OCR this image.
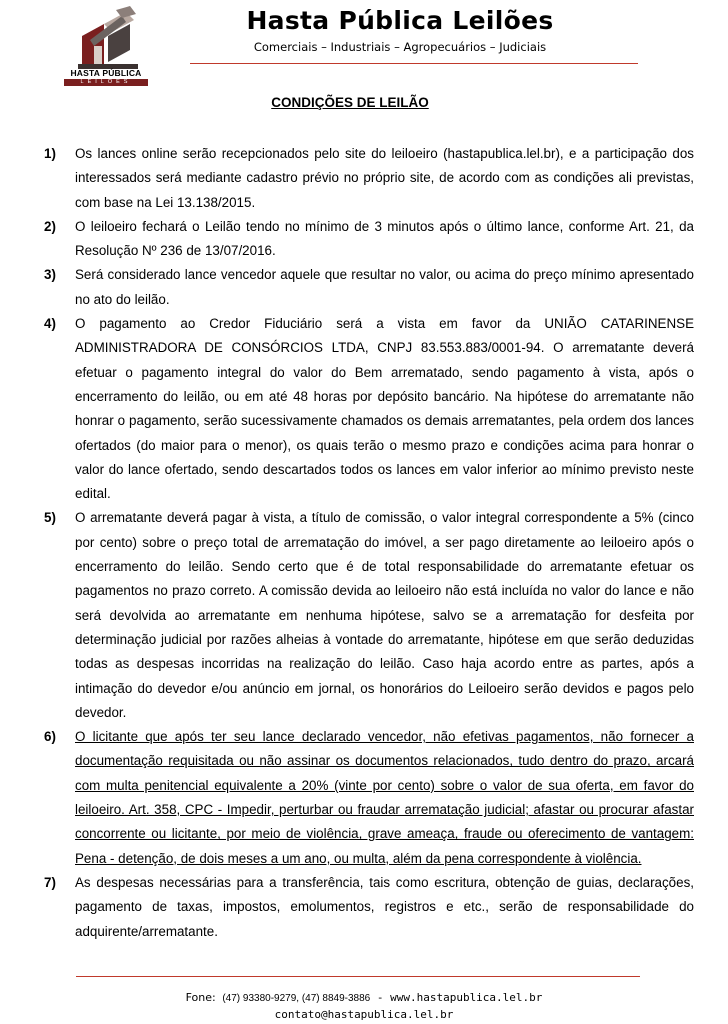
HASTA PÚBLICA
LEILÕES
Hasta Pública Leilões
Comerciais – Industriais – Agropecuários – Judiciais
CONDIÇÕES DE LEILÃO
1)	Os lances online serão recepcionados pelo site do leiloeiro (hastapublica.lel.br), e a participação dos interessados será mediante cadastro prévio no próprio site, de acordo com as condições ali previstas, com base na Lei 13.138/2015.
2)	O leiloeiro fechará o Leilão tendo no mínimo de 3 minutos após o último lance, conforme Art. 21, da Resolução Nº 236 de 13/07/2016.
3)	Será considerado lance vencedor aquele que resultar no valor, ou acima do preço mínimo apresentado no ato do leilão.
4)	O pagamento ao Credor Fiduciário será a vista em favor da UNIÃO CATARINENSE ADMINISTRADORA DE CONSÓRCIOS LTDA, CNPJ 83.553.883/0001-94. O arrematante deverá efetuar o pagamento integral do valor do Bem arrematado, sendo pagamento à vista, após o encerramento do leilão, ou em até 48 horas por depósito bancário. Na hipótese do arrematante não honrar o pagamento, serão sucessivamente chamados os demais arrematantes, pela ordem dos lances ofertados (do maior para o menor), os quais terão o mesmo prazo e condições acima para honrar o valor do lance ofertado, sendo descartados todos os lances em valor inferior ao mínimo previsto neste edital.
5)	O arrematante deverá pagar à vista, a título de comissão, o valor integral correspondente a 5% (cinco por cento) sobre o preço total de arrematação do imóvel, a ser pago diretamente ao leiloeiro após o encerramento do leilão. Sendo certo que é de total responsabilidade do arrematante efetuar os pagamentos no prazo correto. A comissão devida ao leiloeiro não está incluída no valor do lance e não será devolvida ao arrematante em nenhuma hipótese, salvo se a arrematação for desfeita por determinação judicial por razões alheias à vontade do arrematante, hipótese em que serão deduzidas todas as despesas incorridas na realização do leilão. Caso haja acordo entre as partes, após a intimação do devedor e/ou anúncio em jornal, os honorários do Leiloeiro serão devidos e pagos pelo devedor.
6)	O licitante que após ter seu lance declarado vencedor, não efetivas pagamentos, não fornecer a documentação requisitada ou não assinar os documentos relacionados, tudo dentro do prazo, arcará com multa penitencial equivalente a 20% (vinte por cento) sobre o valor de sua oferta, em favor do leiloeiro. Art. 358, CPC - Impedir, perturbar ou fraudar arrematação judicial; afastar ou procurar afastar concorrente ou licitante, por meio de violência, grave ameaça, fraude ou oferecimento de vantagem: Pena - detenção, de dois meses a um ano, ou multa, além da pena correspondente à violência.
7)	As despesas necessárias para a transferência, tais como escritura, obtenção de guias, declarações, pagamento de taxas, impostos, emolumentos, registros e etc., serão de responsabilidade do adquirente/arrematante.
Fone: (47) 93380-9279, (47) 8849-3886 - www.hastapublica.lel.br
contato@hastapublica.lel.br
